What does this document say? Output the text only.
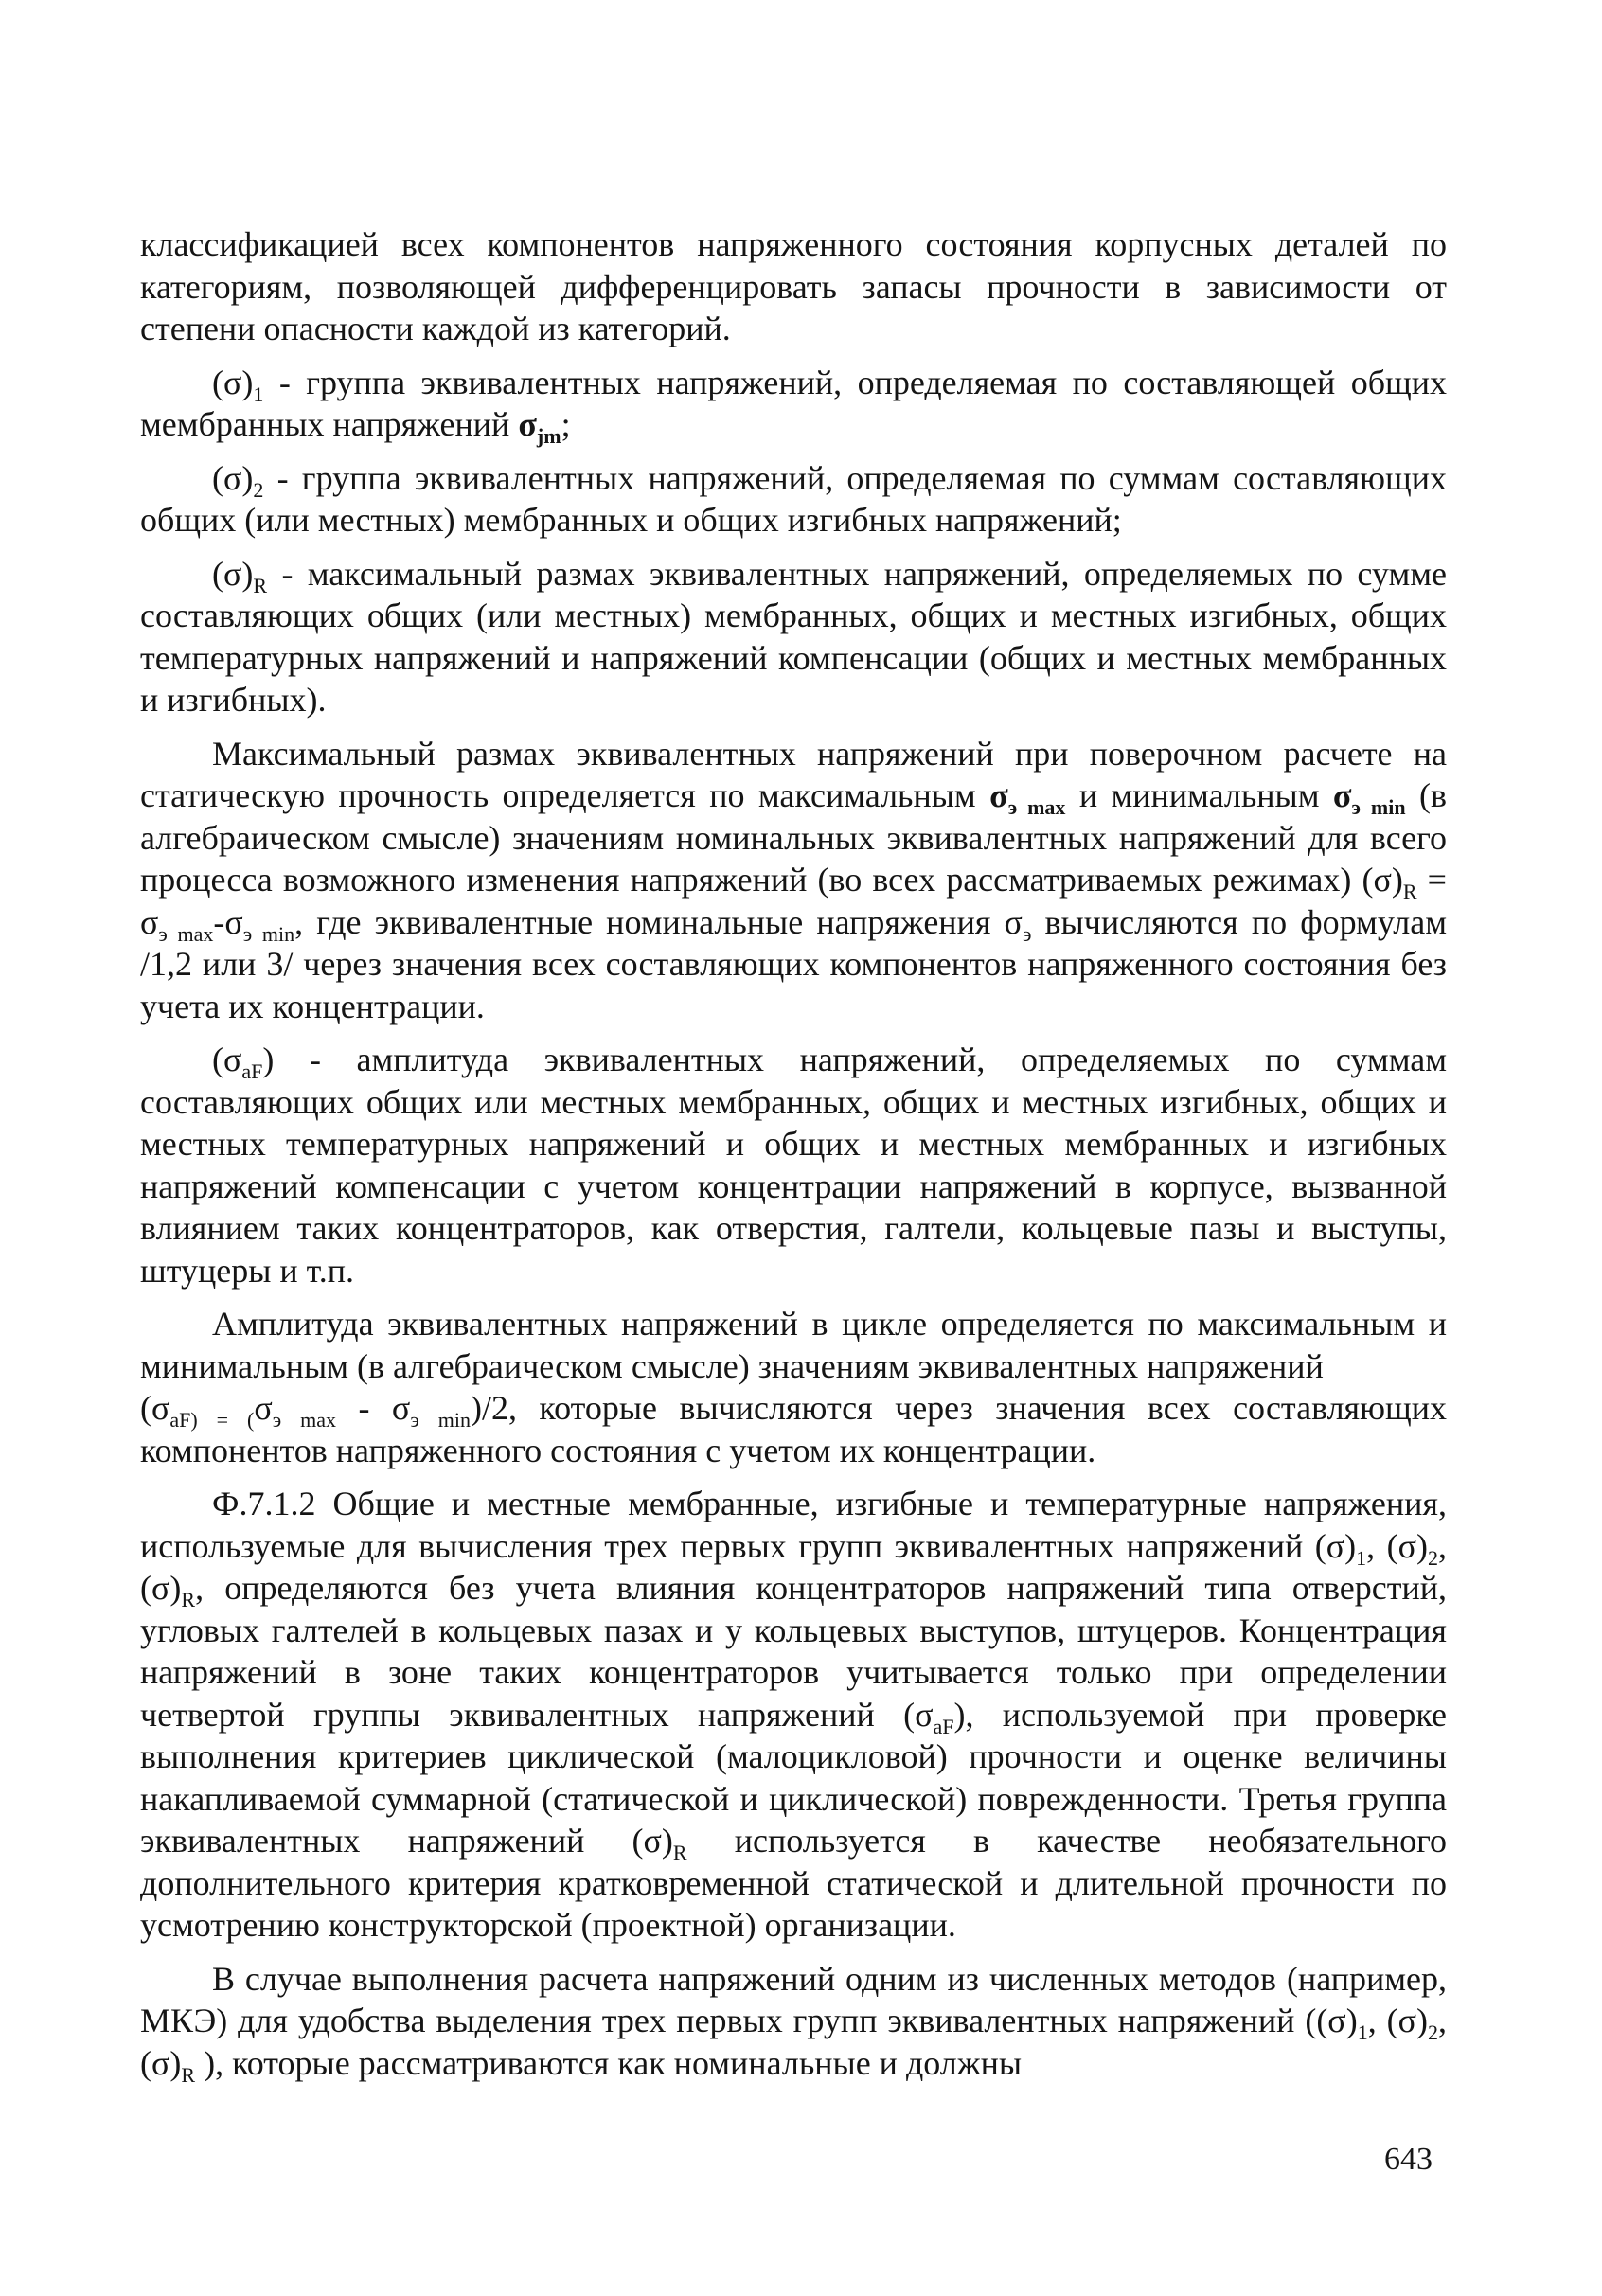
классификацией всех компонентов напряженного состояния корпусных деталей по категориям, позволяющей дифференцировать запасы прочности в зависимости от степени опасности каждой из категорий.

$(\sigma)_1$ - группа эквивалентных напряжений, определяемая по составляющей общих мембранных напряжений $\sigma_{jm}$;

$(\sigma)_2$ - группа эквивалентных напряжений, определяемая по суммам составляющих общих (или местных) мембранных и общих изгибных напряжений;

$(\sigma)_R$ - максимальный размах эквивалентных напряжений, определяемых по сумме составляющих общих (или местных) мембранных, общих и местных изгибных, общих температурных напряжений и напряжений компенсации (общих и местных мембранных и изгибных).

Максимальный размах эквивалентных напряжений при поверочном расчете на статическую прочность определяется по максимальным $\sigma_{э max}$ и минимальным $\sigma_{э min}$ (в алгебраическом смысле) значениям номинальных эквивалентных напряжений для всего процесса возможного изменения напряжений (во всех рассматриваемых режимах) $(\sigma)_R = \sigma_{э max}-\sigma_{э min}$, где эквивалентные номинальные напряжения $\sigma_э$ вычисляются по формулам /1,2 или 3/ через значения всех составляющих компонентов напряженного состояния без учета их концентрации.

$(\sigma_{aF})$ - амплитуда эквивалентных напряжений, определяемых по суммам составляющих общих или местных мембранных, общих и местных изгибных, общих и местных температурных напряжений и общих и местных мембранных и изгибных напряжений компенсации с учетом концентрации напряжений в корпусе, вызванной влиянием таких концентраторов, как отверстия, галтели, кольцевые пазы и выступы, штуцеры и т.п.

Амплитуда эквивалентных напряжений в цикле определяется по максимальным и минимальным (в алгебраическом смысле) значениям эквивалентных напряжений

$(\sigma_{aF) = (}\sigma_{э max} - \sigma_{э min})/2$, которые вычисляются через значения всех составляющих компонентов напряженного состояния с учетом их концентрации.

Ф.7.1.2 Общие и местные мембранные, изгибные и температурные напряжения, используемые для вычисления трех первых групп эквивалентных напряжений $(\sigma)_1$, $(\sigma)_2$, $(\sigma)_R$, определяются без учета влияния концентраторов напряжений типа отверстий, угловых галтелей в кольцевых пазах и у кольцевых выступов, штуцеров. Концентрация напряжений в зоне таких концентраторов учитывается только при определении четвертой группы эквивалентных напряжений $(\sigma_{aF})$, используемой при проверке выполнения критериев циклической (малоцикловой) прочности и оценке величины накапливаемой суммарной (статической и циклической) поврежденности. Третья группа эквивалентных напряжений $(\sigma)_R$ используется в качестве необязательного дополнительного критерия кратковременной статической и длительной прочности по усмотрению конструкторской (проектной) организации.

В случае выполнения расчета напряжений одним из численных методов (например, МКЭ) для удобства выделения трех первых групп эквивалентных напряжений ($(\sigma)_1$, $(\sigma)_2$, $(\sigma)_R$ ), которые рассматриваются как номинальные и должны

643
